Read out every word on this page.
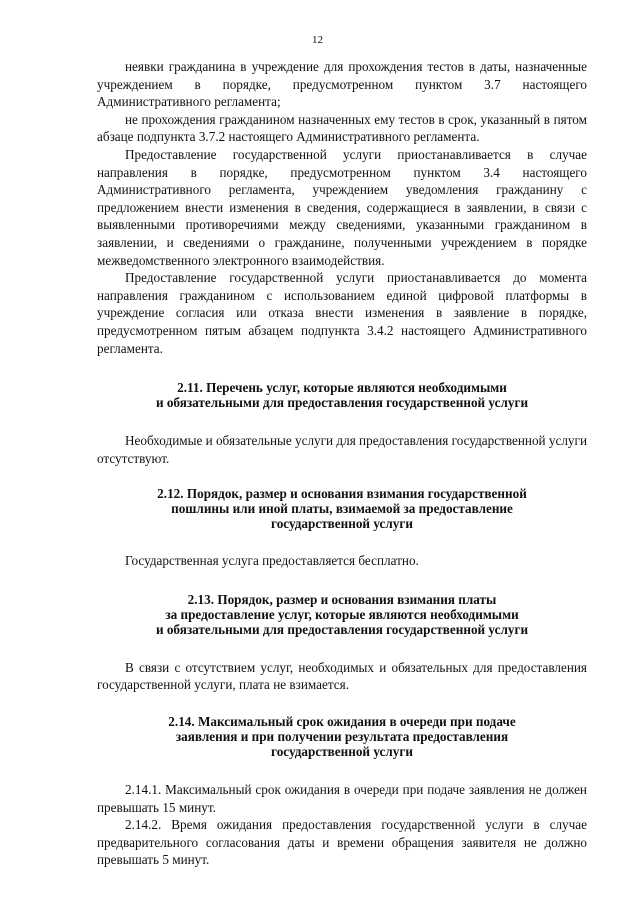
12

неявки гражданина в учреждение для прохождения тестов в даты, назначенные учреждением в порядке, предусмотренном пунктом 3.7 настоящего Административного регламента;

не прохождения гражданином назначенных ему тестов в срок, указанный в пятом абзаце подпункта 3.7.2 настоящего Административного регламента.

Предоставление государственной услуги приостанавливается в случае направления в порядке, предусмотренном пунктом 3.4 настоящего Административного регламента, учреждением уведомления гражданину с предложением внести изменения в сведения, содержащиеся в заявлении, в связи с выявленными противоречиями между сведениями, указанными гражданином в заявлении, и сведениями о гражданине, полученными учреждением в порядке межведомственного электронного взаимодействия.

Предоставление государственной услуги приостанавливается до момента направления гражданином с использованием единой цифровой платформы в учреждение согласия или отказа внести изменения в заявление в порядке, предусмотренном пятым абзацем подпункта 3.4.2 настоящего Административного регламента.

2.11. Перечень услуг, которые являются необходимыми
и обязательными для предоставления государственной услуги

Необходимые и обязательные услуги для предоставления государственной услуги отсутствуют.

2.12. Порядок, размер и основания взимания государственной
пошлины или иной платы, взимаемой за предоставление
государственной услуги

Государственная услуга предоставляется бесплатно.

2.13. Порядок, размер и основания взимания платы
за предоставление услуг, которые являются необходимыми
и обязательными для предоставления государственной услуги

В связи с отсутствием услуг, необходимых и обязательных для предоставления государственной услуги, плата не взимается.

2.14. Максимальный срок ожидания в очереди при подаче
заявления и при получении результата предоставления
государственной услуги

2.14.1. Максимальный срок ожидания в очереди при подаче заявления не должен превышать 15 минут.

2.14.2. Время ожидания предоставления государственной услуги в случае предварительного согласования даты и времени обращения заявителя не должно превышать 5 минут.
